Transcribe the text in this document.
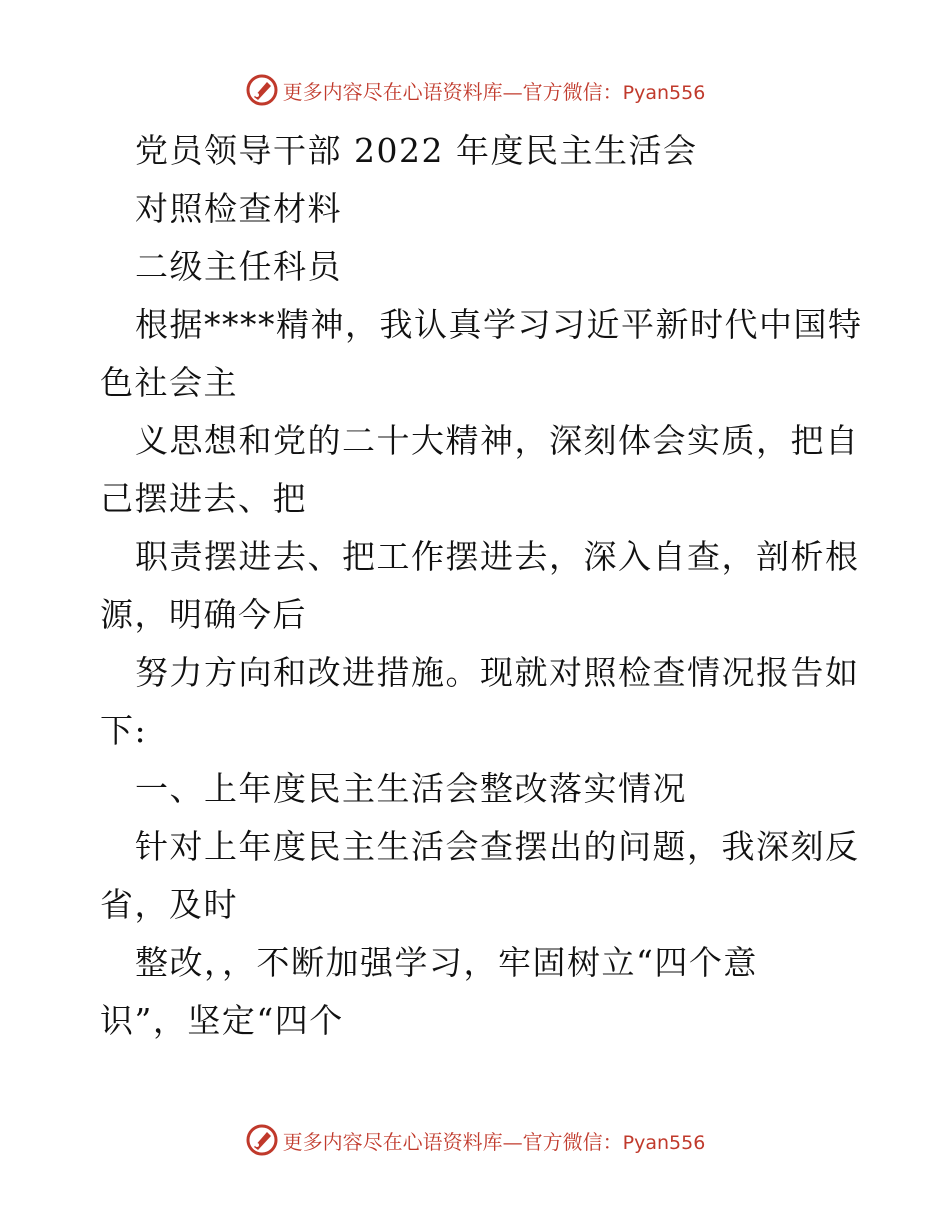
更多内容尽在心语资料库—官方微信：Pyan556
党员领导干部 2022 年度民主生活会
对照检查材料
二级主任科员
根据****精神，我认真学习习近平新时代中国特
色社会主
义思想和党的二十大精神，深刻体会实质，把自
己摆进去、把
职责摆进去、把工作摆进去，深入自查，剖析根
源，明确今后
努力方向和改进措施。现就对照检查情况报告如
下:
一、上年度民主生活会整改落实情况
针对上年度民主生活会查摆出的问题，我深刻反
省，及时
整改，，不断加强学习，牢固树立“四个意
识”，坚定“四个
更多内容尽在心语资料库—官方微信：Pyan556
